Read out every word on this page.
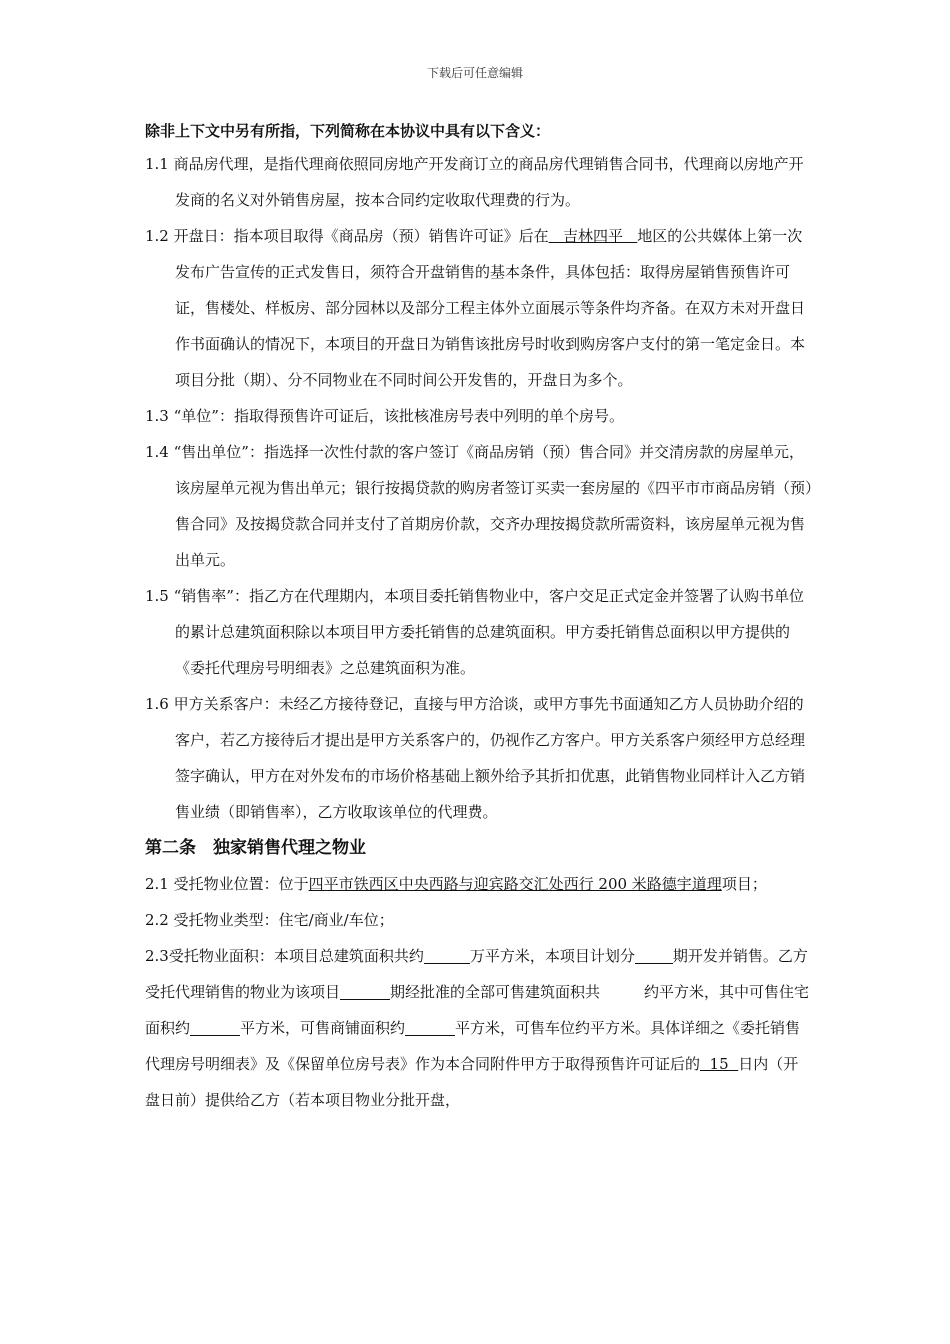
下载后可任意编辑
除非上下文中另有所指，下列简称在本协议中具有以下含义：
1.1 商品房代理，是指代理商依照同房地产开发商订立的商品房代理销售合同书，代理商以房地产开发商的名义对外销售房屋，按本合同约定收取代理费的行为。
1.2 开盘日：指本项目取得《商品房（预）销售许可证》后在   吉林四平   地区的公共媒体上第一次发布广告宣传的正式发售日，须符合开盘销售的基本条件，具体包括：取得房屋销售预售许可证，售楼处、样板房、部分园林以及部分工程主体外立面展示等条件均齐备。在双方未对开盘日作书面确认的情况下，本项目的开盘日为销售该批房号时收到购房客户支付的第一笔定金日。本项目分批（期）、分不同物业在不同时间公开发售的，开盘日为多个。
1.3 “单位”：指取得预售许可证后，该批核准房号表中列明的单个房号。
1.4 “售出单位”：指选择一次性付款的客户签订《商品房销（预）售合同》并交清房款的房屋单元，该房屋单元视为售出单元；银行按揭贷款的购房者签订买卖一套房屋的《四平市市商品房销（预）售合同》及按揭贷款合同并支付了首期房价款，交齐办理按揭贷款所需资料，该房屋单元视为售出单元。
1.5 “销售率”：指乙方在代理期内，本项目委托销售物业中，客户交足正式定金并签署了认购书单位的累计总建筑面积除以本项目甲方委托销售的总建筑面积。甲方委托销售总面积以甲方提供的《委托代理房号明细表》之总建筑面积为准。
1.6 甲方关系客户：未经乙方接待登记，直接与甲方洽谈，或甲方事先书面通知乙方人员协助介绍的客户，若乙方接待后才提出是甲方关系客户的，仍视作乙方客户。甲方关系客户须经甲方总经理签字确认，甲方在对外发布的市场价格基础上额外给予其折扣优惠，此销售物业同样计入乙方销售业绩（即销售率），乙方收取该单位的代理费。
第二条　独家销售代理之物业
2.1 受托物业位置：位于四平市铁西区中央西路与迎宾路交汇处西行 200 米路德宇道理项目；
2.2 受托物业类型：住宅/商业/车位；
2.3受托物业面积：本项目总建筑面积共约	万平方米，本项目计划分	期开发并销售。乙方受托代理销售的物业为该项目	期经批准的全部可售建筑面积共	约平方米，其中可售住宅面积约	平方米，可售商铺面积约	平方米，可售车位约平方米。具体详细之《委托销售代理房号明细表》及《保留单位房号表》作为本合同附件甲方于取得预售许可证后的  15  日内（开盘日前）提供给乙方（若本项目物业分批开盘，
